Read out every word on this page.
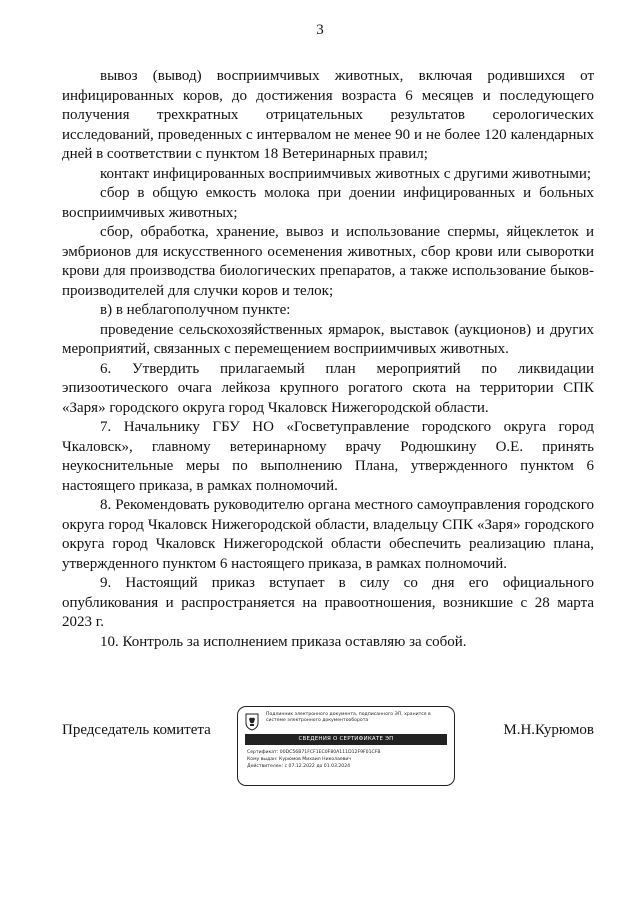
3

вывоз (вывод) восприимчивых животных, включая родившихся от инфицированных коров, до достижения возраста 6 месяцев и последующего получения трехкратных отрицательных результатов серологических исследований, проведенных с интервалом не менее 90 и не более 120 календарных дней в соответствии с пунктом 18 Ветеринарных правил;

контакт инфицированных восприимчивых животных с другими животными;

сбор в общую емкость молока при доении инфицированных и больных восприимчивых животных;

сбор, обработка, хранение, вывоз и использование спермы, яйцеклеток и эмбрионов для искусственного осеменения животных, сбор крови или сыворотки крови для производства биологических препаратов, а также использование быков-производителей для случки коров и телок;

в) в неблагополучном пункте:

проведение сельскохозяйственных ярмарок, выставок (аукционов) и других мероприятий, связанных с перемещением восприимчивых животных.

6. Утвердить прилагаемый план мероприятий по ликвидации эпизоотического очага лейкоза крупного рогатого скота на территории СПК «Заря» городского округа город Чкаловск Нижегородской области.

7. Начальнику ГБУ НО «Госветуправление городского округа город Чкаловск», главному ветеринарному врачу Родюшкину О.Е. принять неукоснительные меры по выполнению Плана, утвержденного пунктом 6 настоящего приказа, в рамках полномочий.

8. Рекомендовать руководителю органа местного самоуправления городского округа город Чкаловск Нижегородской области, владельцу СПК «Заря» городского округа город Чкаловск Нижегородской области обеспечить реализацию плана, утвержденного пунктом 6 настоящего приказа, в рамках полномочий.

9. Настоящий приказ вступает в силу со дня его официального опубликования и распространяется на правоотношения, возникшие с 28 марта 2023 г.

10. Контроль за исполнением приказа оставляю за собой.

Председатель комитета
Подлинник электронного документа, подписанного ЭП, хранится в системе электронного документооборота
СВЕДЕНИЯ О СЕРТИФИКАТЕ ЭП
Сертификат: 00DC56B71FCF1EC0F80A111D12F9F01CFB
Кому выдан: Курюмов Михаил Николаевич
Действителен: с 07.12.2022 до 01.03.2024
М.Н.Курюмов
